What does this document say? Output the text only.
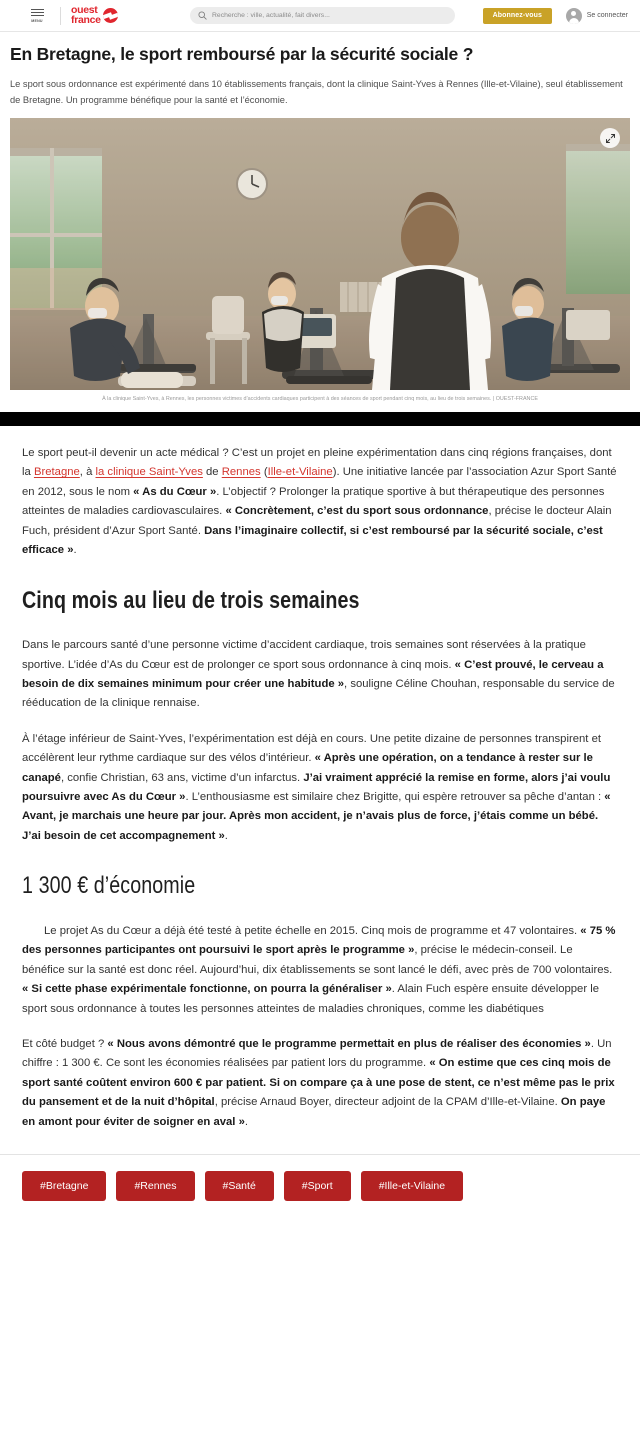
MENU
ouest
france
Recherche : ville, actualité, fait divers...	Abonnez-vous	Se connecter
En Bretagne, le sport remboursé par la sécurité sociale ?

Le sport sous ordonnance est expérimenté dans 10 établissements français, dont la clinique Saint-Yves à Rennes (Ille-et-Vilaine), seul établissement de Bretagne. Un programme bénéfique pour la santé et l’économie.

À la clinique Saint-Yves, à Rennes, les personnes victimes d’accidents cardiaques participent à des séances de sport pendant cinq mois, au lieu de trois semaines. | OUEST-FRANCE

Le sport peut-il devenir un acte médical ? C’est un projet en pleine expérimentation dans cinq régions françaises, dont la Bretagne, à la clinique Saint-Yves de Rennes (Ille-et-Vilaine). Une initiative lancée par l’association Azur Sport Santé en 2012, sous le nom « As du Cœur ». L’objectif ? Prolonger la pratique sportive à but thérapeutique des personnes atteintes de maladies cardiovasculaires. « Concrètement, c’est du sport sous ordonnance, précise le docteur Alain Fuch, président d’Azur Sport Santé. Dans l’imaginaire collectif, si c’est remboursé par la sécurité sociale, c’est efficace ».

Cinq mois au lieu de trois semaines

Dans le parcours santé d’une personne victime d’accident cardiaque, trois semaines sont réservées à la pratique sportive. L’idée d’As du Cœur est de prolonger ce sport sous ordonnance à cinq mois. « C’est prouvé, le cerveau a besoin de dix semaines minimum pour créer une habitude », souligne Céline Chouhan, responsable du service de rééducation de la clinique rennaise.

À l’étage inférieur de Saint-Yves, l’expérimentation est déjà en cours. Une petite dizaine de personnes transpirent et accélèrent leur rythme cardiaque sur des vélos d’intérieur. « Après une opération, on a tendance à rester sur le canapé, confie Christian, 63 ans, victime d’un infarctus. J’ai vraiment apprécié la remise en forme, alors j’ai voulu poursuivre avec As du Cœur ». L’enthousiasme est similaire chez Brigitte, qui espère retrouver sa pêche d’antan : « Avant, je marchais une heure par jour. Après mon accident, je n’avais plus de force, j’étais comme un bébé. J’ai besoin de cet accompagnement ».

1 300 € d’économie

Le projet As du Cœur a déjà été testé à petite échelle en 2015. Cinq mois de programme et 47 volontaires. « 75 % des personnes participantes ont poursuivi le sport après le programme », précise le médecin-conseil. Le bénéfice sur la santé est donc réel. Aujourd’hui, dix établissements se sont lancé le défi, avec près de 700 volontaires. « Si cette phase expérimentale fonctionne, on pourra la généraliser ». Alain Fuch espère ensuite développer le sport sous ordonnance à toutes les personnes atteintes de maladies chroniques, comme les diabétiques

Et côté budget ? « Nous avons démontré que le programme permettait en plus de réaliser des économies ». Un chiffre : 1 300 €. Ce sont les économies réalisées par patient lors du programme. « On estime que ces cinq mois de sport santé coûtent environ 600 € par patient. Si on compare ça à une pose de stent, ce n’est même pas le prix du pansement et de la nuit d’hôpital, précise Arnaud Boyer, directeur adjoint de la CPAM d’Ille-et-Vilaine. On paye en amont pour éviter de soigner en aval ».

#Bretagne	#Rennes	#Santé	#Sport	#Ille-et-Vilaine
